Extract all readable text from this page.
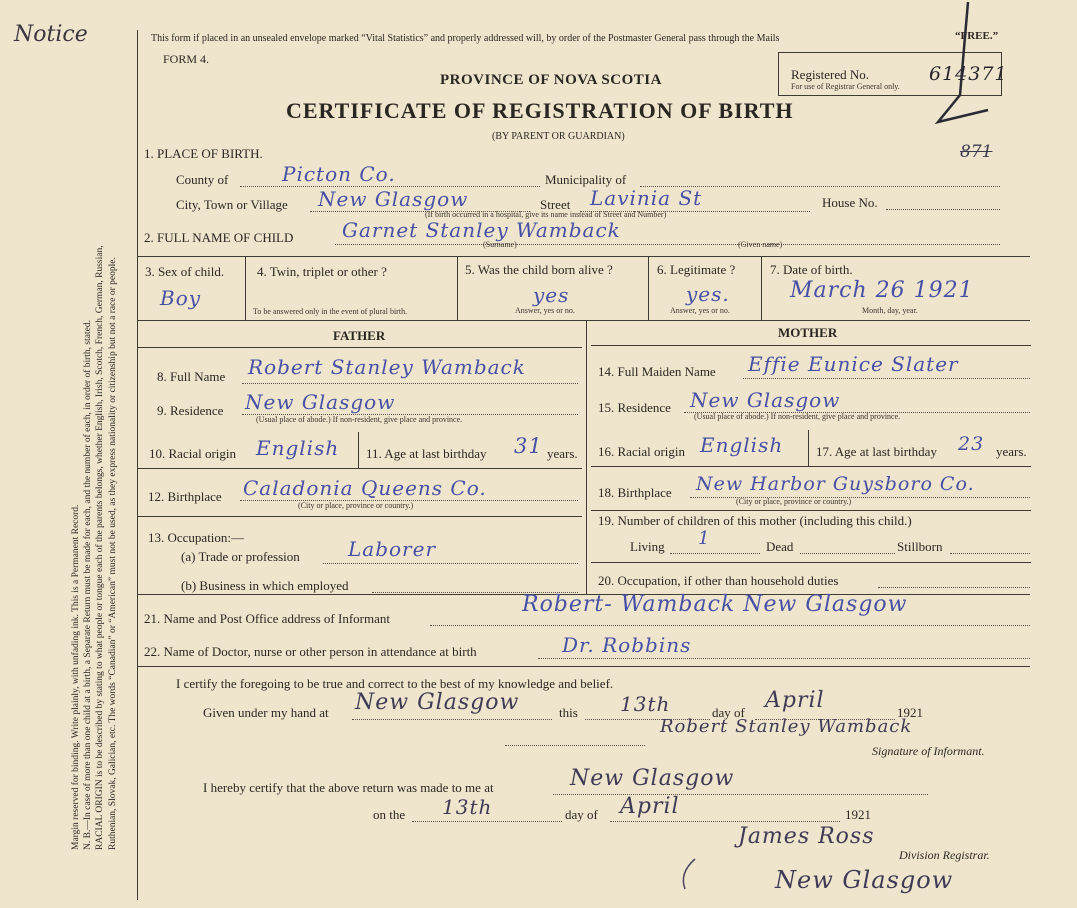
Margin reserved for binding. Write plainly, with unfading ink. This is a Permanent Record. N. B.—In case of more than one child at a birth, a Separate Return must be made for each, and the number of each, in order of birth, stated. RACIAL ORIGIN is to be described by stating to what people or tongue each of the parents belongs, whether English, Irish, Scotch, French, German, Russian, Ruthenian, Slovak, Galician, etc. The words “Canadian” or “American” must not be used, as they express nationality or citizenship but not a race or people.
Notice	This form if placed in an unsealed envelope marked “Vital Statistics” and properly addressed will, by order of the Postmaster General pass through the Mails	“FREE.”
FORM 4.
PROVINCE OF NOVA SCOTIA
CERTIFICATE OF REGISTRATION OF BIRTH
(BY PARENT OR GUARDIAN)
Registered No.	614371
For use of Registrar General only.
871
1. PLACE OF BIRTH.
County of	Picton Co.	Municipality of
City, Town or Village New Glasgow	Street Lavinia St	House No.
(If birth occurred in a hospital, give its name instead of Street and Number)
2. FULL NAME OF CHILD Garnet Stanley Wamback
(Surname)	(Given name)
3. Sex of child.
Boy
4. Twin, triplet or other ?
To be answered only in the event of plural birth.
5. Was the child born alive ?
yes
Answer, yes or no.
6. Legitimate ?
yes.
Answer, yes or no.
7. Date of birth.
March 26 1921
Month, day, year.
FATHER	MOTHER
8. Full Name Robert Stanley Wamback
9. Residence New Glasgow
(Usual place of abode.) If non-resident, give place and province.
10. Racial origin English 11. Age at last birthday 31 years.
12. Birthplace Caladonia Queens Co.
(City or place, province or country.)
13. Occupation:—
(a) Trade or profession Laborer
(b) Business in which employed
14. Full Maiden Name Effie Eunice Slater
15. Residence New Glasgow
(Usual place of abode.) If non-resident, give place and province.
16. Racial origin English	17. Age at last birthday 23 years.
18. Birthplace New Harbor Guysboro Co.
(City or place, province or country.)
19. Number of children of this mother (including this child.)
Living 1	Dead	Stillborn
20. Occupation, if other than household duties
21. Name and Post Office address of Informant
Robert- Wamback New Glasgow
22. Name of Doctor, nurse or other person in attendance at birth	Dr. Robbins
I certify the foregoing to be true and correct to the best of my knowledge and belief.
Given under my hand at New Glasgow	this 13th	day of April	1921
Robert Stanley Wamback
Signature of Informant.
I hereby certify that the above return was made to me at	New Glasgow
on the 13th	day of April	1921
James Ross
Division Registrar.
New Glasgow
